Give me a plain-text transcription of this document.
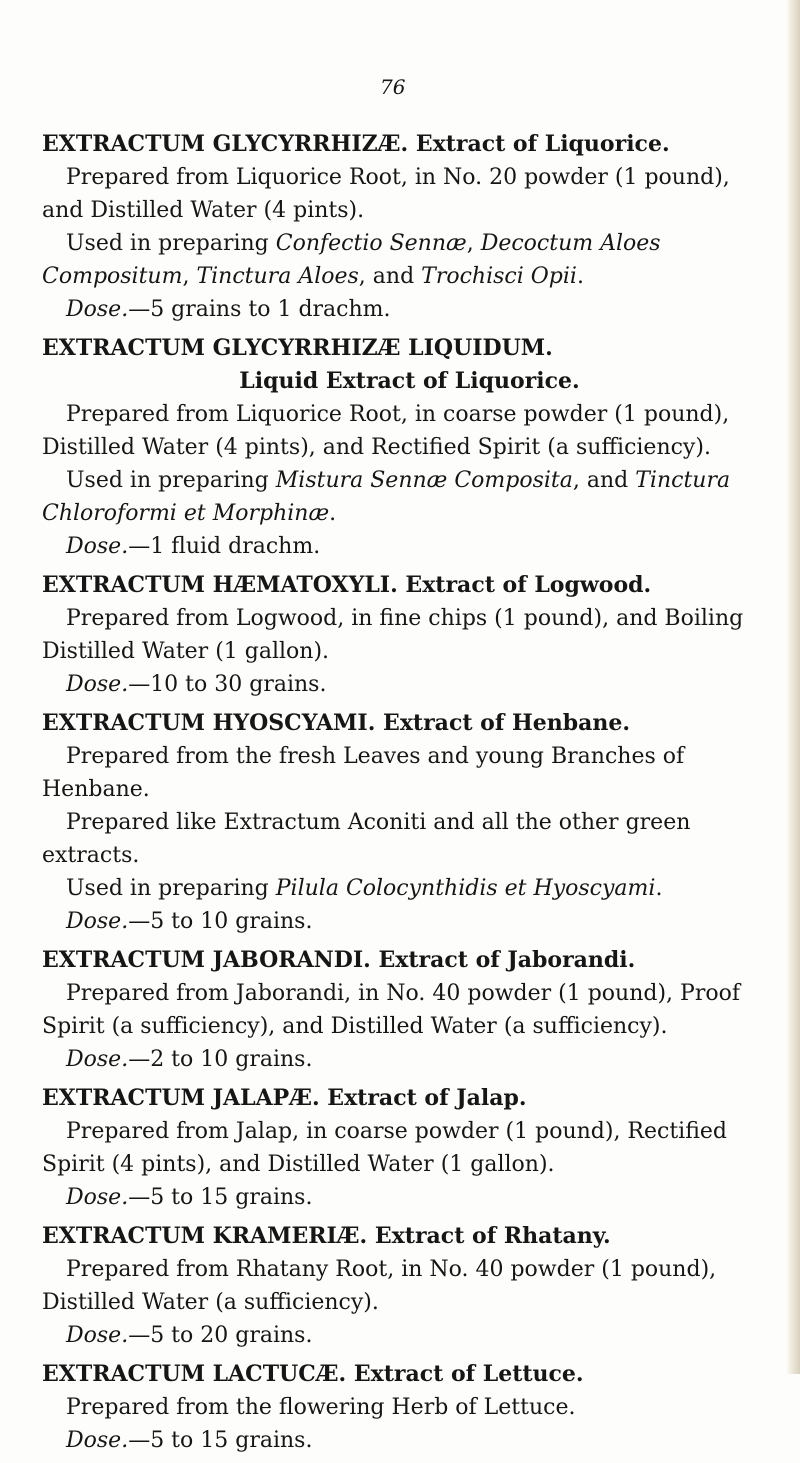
76
EXTRACTUM GLYCYRRHIZÆ. Extract of Liquorice.

Prepared from Liquorice Root, in No. 20 powder (1 pound), and Distilled Water (4 pints).

Used in preparing Confectio Sennæ, Decoctum Aloes Compositum, Tinctura Aloes, and Trochisci Opii.

Dose.—5 grains to 1 drachm.

EXTRACTUM GLYCYRRHIZÆ LIQUIDUM.
Liquid Extract of Liquorice.

Prepared from Liquorice Root, in coarse powder (1 pound), Distilled Water (4 pints), and Rectified Spirit (a sufficiency).

Used in preparing Mistura Sennæ Composita, and Tinctura Chloroformi et Morphinæ.

Dose.—1 fluid drachm.

EXTRACTUM HÆMATOXYLI. Extract of Logwood.

Prepared from Logwood, in fine chips (1 pound), and Boiling Distilled Water (1 gallon).

Dose.—10 to 30 grains.

EXTRACTUM HYOSCYAMI. Extract of Henbane.

Prepared from the fresh Leaves and young Branches of Henbane.

Prepared like Extractum Aconiti and all the other green extracts.

Used in preparing Pilula Colocynthidis et Hyoscyami.

Dose.—5 to 10 grains.

EXTRACTUM JABORANDI. Extract of Jaborandi.

Prepared from Jaborandi, in No. 40 powder (1 pound), Proof Spirit (a sufficiency), and Distilled Water (a sufficiency).

Dose.—2 to 10 grains.

EXTRACTUM JALAPÆ. Extract of Jalap.

Prepared from Jalap, in coarse powder (1 pound), Rectified Spirit (4 pints), and Distilled Water (1 gallon).

Dose.—5 to 15 grains.

EXTRACTUM KRAMERIÆ. Extract of Rhatany.

Prepared from Rhatany Root, in No. 40 powder (1 pound), Distilled Water (a sufficiency).

Dose.—5 to 20 grains.

EXTRACTUM LACTUCÆ. Extract of Lettuce.

Prepared from the flowering Herb of Lettuce.

Dose.—5 to 15 grains.
